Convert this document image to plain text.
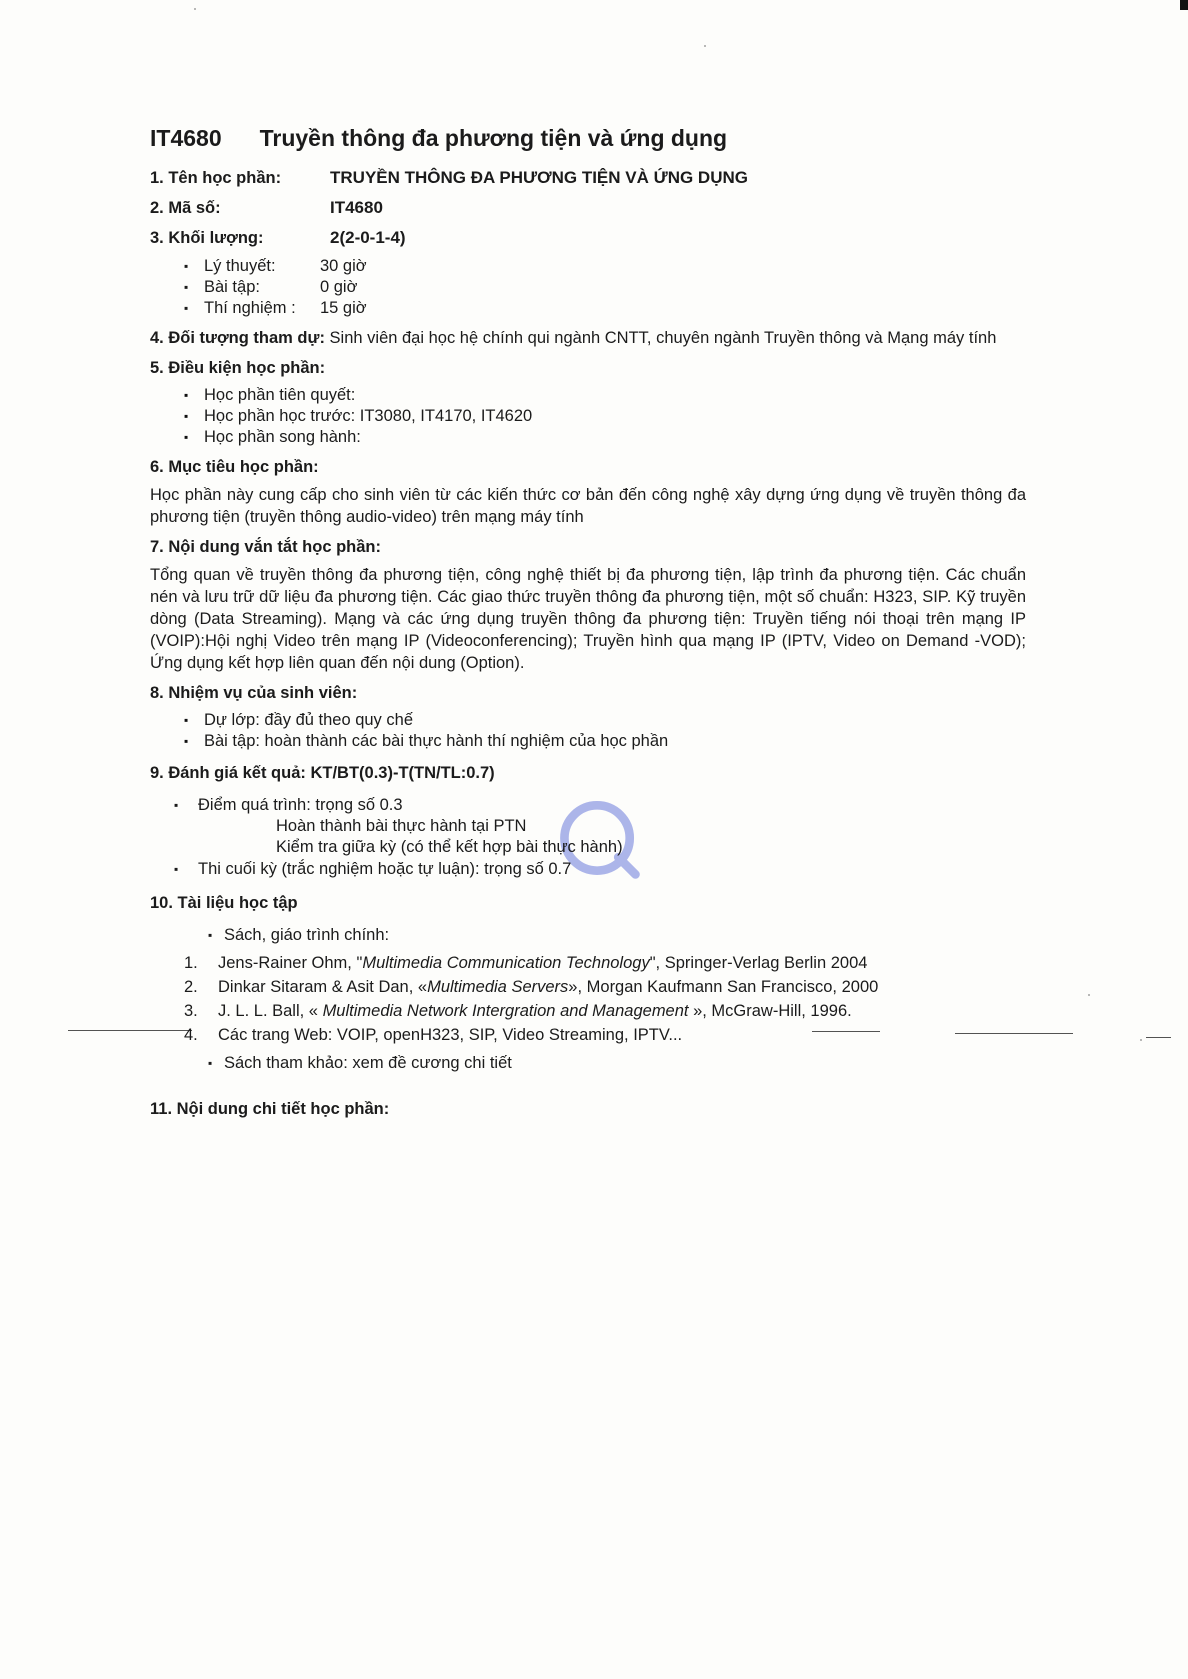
IT4680 Truyền thông đa phương tiện và ứng dụng
1. Tên học phần:	TRUYỀN THÔNG ĐA PHƯƠNG TIỆN VÀ ỨNG DỤNG
2. Mã số:	IT4680
3. Khối lượng:	2(2-0-1-4)
▪ Lý thuyết:	30 giờ
▪ Bài tập:	0 giờ
▪ Thí nghiệm :	15 giờ
4. Đối tượng tham dự: Sinh viên đại học hệ chính qui ngành CNTT, chuyên ngành Truyền thông và Mạng máy tính
5. Điều kiện học phần:
▪ Học phần tiên quyết:
▪ Học phần học trước: IT3080, IT4170, IT4620
▪ Học phần song hành:
6. Mục tiêu học phần:

Học phần này cung cấp cho sinh viên từ các kiến thức cơ bản đến công nghệ xây dựng ứng dụng về truyền thông đa phương tiện (truyền thông audio-video) trên mạng máy tính

7. Nội dung vắn tắt học phần:

Tổng quan về truyền thông đa phương tiện, công nghệ thiết bị đa phương tiện, lập trình đa phương tiện. Các chuẩn nén và lưu trữ dữ liệu đa phương tiện. Các giao thức truyền thông đa phương tiện, một số chuẩn: H323, SIP. Kỹ truyền dòng (Data Streaming). Mạng và các ứng dụng truyền thông đa phương tiện: Truyền tiếng nói thoại trên mạng IP (VOIP):Hội nghị Video trên mạng IP (Videoconferencing); Truyền hình qua mạng IP (IPTV, Video on Demand -VOD); Ứng dụng kết hợp liên quan đến nội dung (Option).

8. Nhiệm vụ của sinh viên:
▪ Dự lớp: đầy đủ theo quy chế
▪ Bài tập: hoàn thành các bài thực hành thí nghiệm của học phần
9. Đánh giá kết quả: KT/BT(0.3)-T(TN/TL:0.7)
▪ Điểm quá trình: trọng số 0.3
Hoàn thành bài thực hành tại PTN
Kiểm tra giữa kỳ (có thể kết hợp bài thực hành)
▪ Thi cuối kỳ (trắc nghiệm hoặc tự luận): trọng số 0.7
10. Tài liệu học tập
▪ Sách, giáo trình chính:
1.	Jens-Rainer Ohm, "Multimedia Communication Technology", Springer-Verlag Berlin 2004
2.	Dinkar Sitaram & Asit Dan, «Multimedia Servers», Morgan Kaufmann San Francisco, 2000
3.	J. L. L. Ball, « Multimedia Network Intergration and Management », McGraw-Hill, 1996.
4.	Các trang Web: VOIP, openH323, SIP, Video Streaming, IPTV...
▪ Sách tham khảo: xem đề cương chi tiết
11. Nội dung chi tiết học phần:
